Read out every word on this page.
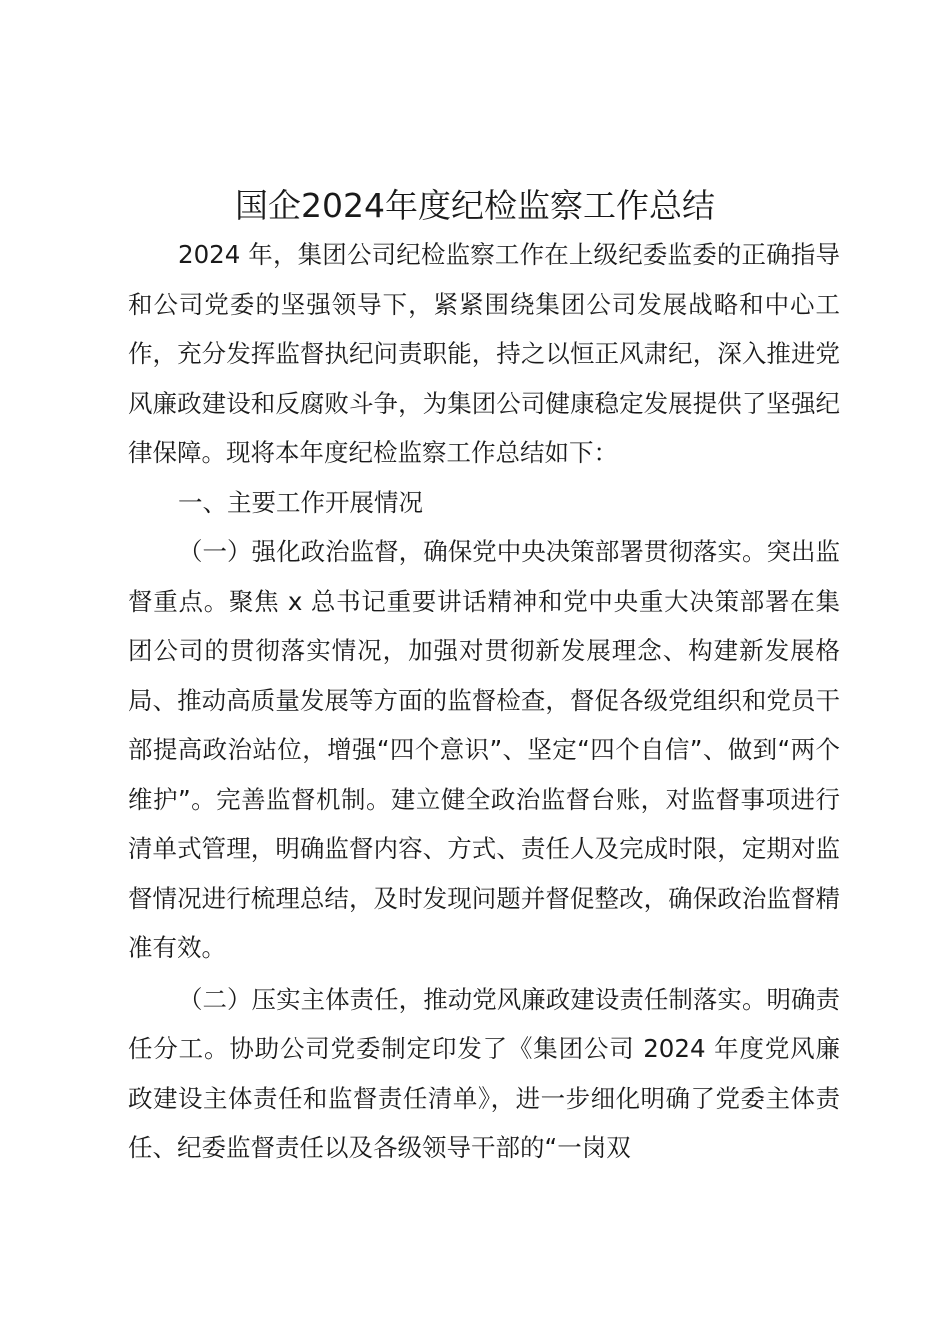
国企2024年度纪检监察工作总结

2024 年，集团公司纪检监察工作在上级纪委监委的正确指导和公司党委的坚强领导下，紧紧围绕集团公司发展战略和中心工作，充分发挥监督执纪问责职能，持之以恒正风肃纪，深入推进党风廉政建设和反腐败斗争，为集团公司健康稳定发展提供了坚强纪律保障。现将本年度纪检监察工作总结如下：

一、主要工作开展情况

（一）强化政治监督，确保党中央决策部署贯彻落实。突出监督重点。聚焦 x 总书记重要讲话精神和党中央重大决策部署在集团公司的贯彻落实情况，加强对贯彻新发展理念、构建新发展格局、推动高质量发展等方面的监督检查，督促各级党组织和党员干部提高政治站位，增强“四个意识”、坚定“四个自信”、做到“两个维护”。完善监督机制。建立健全政治监督台账，对监督事项进行清单式管理，明确监督内容、方式、责任人及完成时限，定期对监督情况进行梳理总结，及时发现问题并督促整改，确保政治监督精准有效。

（二）压实主体责任，推动党风廉政建设责任制落实。明确责任分工。协助公司党委制定印发了《集团公司 2024 年度党风廉政建设主体责任和监督责任清单》，进一步细化明确了党委主体责任、纪委监督责任以及各级领导干部的“一岗双
